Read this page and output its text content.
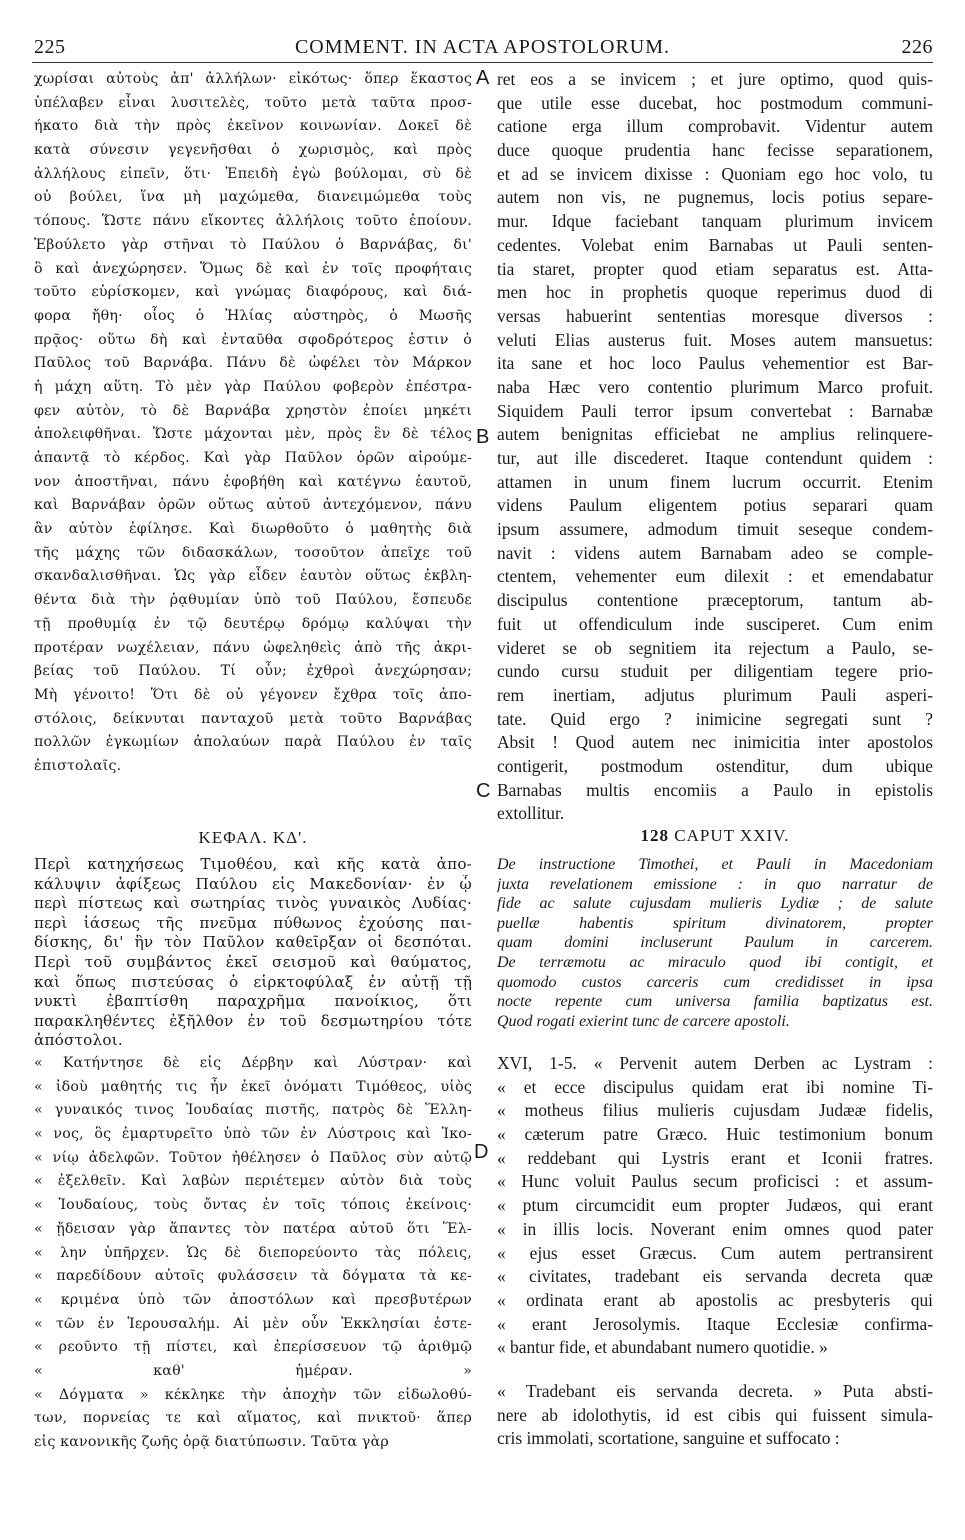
225	COMMENT. IN ACTA APOSTOLORUM.	226
A
B
C
D
χωρίσαι αὐτοὺς ἀπ' ἀλλήλων· εἰκότως· ὅπερ ἕκαστος
ὑπέλαβεν εἶναι λυσιτελὲς, τοῦτο μετὰ ταῦτα προσ-
ήκατο διὰ τὴν πρὸς ἐκεῖνον κοινωνίαν. Δοκεῖ δὲ
κατὰ σύνεσιν γεγενῆσθαι ὁ χωρισμὸς, καὶ πρὸς
ἀλλήλους εἰπεῖν, ὅτι· Ἐπειδὴ ἐγὼ βούλομαι, σὺ δὲ
οὐ βούλει, ἵνα μὴ μαχώμεθα, διανειμώμεθα τοὺς
τόπους. Ὥστε πάνυ εἴκοντες ἀλλήλοις τοῦτο ἐποίουν.
Ἐβούλετο γὰρ στῆναι τὸ Παύλου ὁ Βαρνάβας, δι'
ὃ καὶ ἀνεχώρησεν. Ὅμως δὲ καὶ ἐν τοῖς προφήταις
τοῦτο εὑρίσκομεν, καὶ γνώμας διαφόρους, καὶ διά-
φορα ἤθη· οἷος ὁ Ἠλίας αὐστηρὸς, ὁ Μωσῆς
πρᾷος· οὕτω δὴ καὶ ἐνταῦθα σφοδρότερος ἐστιν ὁ
Παῦλος τοῦ Βαρνάβα. Πάνυ δὲ ὠφέλει τὸν Μάρκον
ἡ μάχη αὕτη. Τὸ μὲν γὰρ Παύλου φοβερὸν ἐπέστρα-
φεν αὐτὸν, τὸ δὲ Βαρνάβα χρηστὸν ἐποίει μηκέτι
ἀπολειφθῆναι. Ὥστε μάχονται μὲν, πρὸς ἓν δὲ τέλος
ἀπαντᾷ τὸ κέρδος. Καὶ γὰρ Παῦλον ὁρῶν αἱρούμε-
νον ἀποστῆναι, πάνυ ἐφοβήθη καὶ κατέγνω ἑαυτοῦ,
καὶ Βαρνάβαν ὁρῶν οὕτως αὐτοῦ ἀντεχόμενον, πάνυ
ἂν αὐτὸν ἐφίλησε. Καὶ διωρθοῦτο ὁ μαθητὴς διὰ
τῆς μάχης τῶν διδασκάλων, τοσοῦτον ἀπεῖχε τοῦ
σκανδαλισθῆναι. Ὡς γὰρ εἶδεν ἑαυτὸν οὕτως ἐκβλη-
θέντα διὰ τὴν ῥᾳθυμίαν ὑπὸ τοῦ Παύλου, ἔσπευδε
τῇ προθυμίᾳ ἐν τῷ δευτέρῳ δρόμῳ καλύψαι τὴν
προτέραν νωχέλειαν, πάνυ ὠφεληθεὶς ἀπὸ τῆς ἀκρι-
βείας τοῦ Παύλου. Τί οὖν; ἐχθροὶ ἀνεχώρησαν;
Μὴ γένοιτο! Ὅτι δὲ οὐ γέγονεν ἔχθρα τοῖς ἀπο-
στόλοις, δείκνυται πανταχοῦ μετὰ τοῦτο Βαρνάβας
πολλῶν ἐγκωμίων ἀπολαύων παρὰ Παύλου ἐν ταῖς
ἐπιστολαῖς.
ret eos a se invicem ; et jure optimo, quod quis-
que utile esse ducebat, hoc postmodum communi-
catione erga illum comprobavit. Videntur autem
duce quoque prudentia hanc fecisse separationem,
et ad se invicem dixisse : Quoniam ego hoc volo, tu
autem non vis, ne pugnemus, locis potius separe-
mur. Idque faciebant tanquam plurimum invicem
cedentes. Volebat enim Barnabas ut Pauli senten-
tia staret, propter quod etiam separatus est. Atta-
men hoc in prophetis quoque reperimus duod di
versas habuerint sententias moresque diversos :
veluti Elias austerus fuit. Moses autem mansuetus:
ita sane et hoc loco Paulus vehementior est Bar-
naba Hæc vero contentio plurimum Marco profuit.
Siquidem Pauli terror ipsum convertebat : Barnabæ
autem benignitas efficiebat ne amplius relinquere-
tur, aut ille discederet. Itaque contendunt quidem :
attamen in unum finem lucrum occurrit. Etenim
videns Paulum eligentem potius separari quam
ipsum assumere, admodum timuit seseque condem-
navit : videns autem Barnabam adeo se comple-
ctentem, vehementer eum dilexit : et emendabatur
discipulus contentione præceptorum, tantum ab-
fuit ut offendiculum inde susciperet. Cum enim
videret se ob segnitiem ita rejectum a Paulo, se-
cundo cursu studuit per diligentiam tegere prio-
rem inertiam, adjutus plurimum Pauli asperi-
tate. Quid ergo ? inimicine segregati sunt ?
Absit ! Quod autem nec inimicitia inter apostolos
contigerit, postmodum ostenditur, dum ubique
Barnabas multis encomiis a Paulo in epistolis
extollitur.
ΚΕΦΑΛ. ΚΔ'.	128 CAPUT XXIV.
Περὶ κατηχήσεως Τιμοθέου, καὶ κῆς κατὰ ἀπο-
κάλυψιν ἀφίξεως Παύλου εἰς Μακεδονίαν· ἐν ᾧ
περὶ πίστεως καὶ σωτηρίας τινὸς γυναικὸς Λυδίας·
περὶ ἰάσεως τῆς πνεῦμα πύθωνος ἐχούσης παι-
δίσκης, δι' ἣν τὸν Παῦλον καθεῖρξαν οἱ δεσπόται.
Περὶ τοῦ συμβάντος ἐκεῖ σεισμοῦ καὶ θαύματος,
καὶ ὅπως πιστεύσας ὁ εἱρκτοφύλαξ ἐν αὐτῇ τῇ
νυκτὶ ἐβαπτίσθη παραχρῆμα πανοίκιος, ὅτι
παρακληθέντες ἐξῆλθον ἐν τοῦ δεσμωτηρίου τότε
ἀπόστολοι.
De instructione Timothei, et Pauli in Macedoniam
juxta revelationem emissione : in quo narratur de
fide ac salute cujusdam mulieris Lydiæ ; de salute
puellæ habentis spiritum divinatorem, propter
quam domini incluserunt Paulum in carcerem.
De terræmotu ac miraculo quod ibi contigit, et
quomodo custos carceris cum credidisset in ipsa
nocte repente cum universa familia baptizatus est.
Quod rogati exierint tunc de carcere apostoli.
« Κατήντησε δὲ εἰς Δέρβην καὶ Λύστραν· καὶ
« ἰδοὺ μαθητής τις ἦν ἐκεῖ ὀνόματι Τιμόθεος, υἱὸς
« γυναικός τινος Ἰουδαίας πιστῆς, πατρὸς δὲ Ἕλλη-
« νος, ὃς ἐμαρτυρεῖτο ὑπὸ τῶν ἐν Λύστροις καὶ Ἰκο-
« νίῳ ἀδελφῶν. Τοῦτον ἠθέλησεν ὁ Παῦλος σὺν αὐτῷ
« ἐξελθεῖν. Καὶ λαβὼν περιέτεμεν αὐτὸν διὰ τοὺς
« Ἰουδαίους, τοὺς ὄντας ἐν τοῖς τόποις ἐκείνοις·
« ᾔδεισαν γὰρ ἅπαντες τὸν πατέρα αὐτοῦ ὅτι Ἕλ-
« λην ὑπῆρχεν. Ὡς δὲ διεπορεύοντο τὰς πόλεις,
« παρεδίδουν αὐτοῖς φυλάσσειν τὰ δόγματα τὰ κε-
« κριμένα ὑπὸ τῶν ἀποστόλων καὶ πρεσβυτέρων
« τῶν ἐν Ἱερουσαλήμ. Αἱ μὲν οὖν Ἐκκλησίαι ἐστε-
« ρεοῦντο τῇ πίστει, καὶ ἐπερίσσευον τῷ ἀριθμῷ
« καθ' ἡμέραν. »
« Δόγματα » κέκληκε τὴν ἀποχὴν τῶν εἰδωλοθύ-
των, πορνείας τε καὶ αἵματος, καὶ πνικτοῦ· ἅπερ
εἰς κανονικῆς ζωῆς ὁρᾷ διατύπωσιν. Ταῦτα γὰρ
XVI, 1-5. « Pervenit autem Derben ac Lystram :
« et ecce discipulus quidam erat ibi nomine Ti-
« motheus filius mulieris cujusdam Judææ fidelis,
« cæterum patre Græco. Huic testimonium bonum
« reddebant qui Lystris erant et Iconii fratres.
« Hunc voluit Paulus secum proficisci : et assum-
« ptum circumcidit eum propter Judæos, qui erant
« in illis locis. Noverant enim omnes quod pater
« ejus esset Græcus. Cum autem pertransirent
« civitates, tradebant eis servanda decreta quæ
« ordinata erant ab apostolis ac presbyteris qui
« erant Jerosolymis. Itaque Ecclesiæ confirma-
« bantur fide, et abundabant numero quotidie. »
« Tradebant eis servanda decreta. » Puta absti-
nere ab idolothytis, id est cibis qui fuissent simula-
cris immolati, scortatione, sanguine et suffocato :
